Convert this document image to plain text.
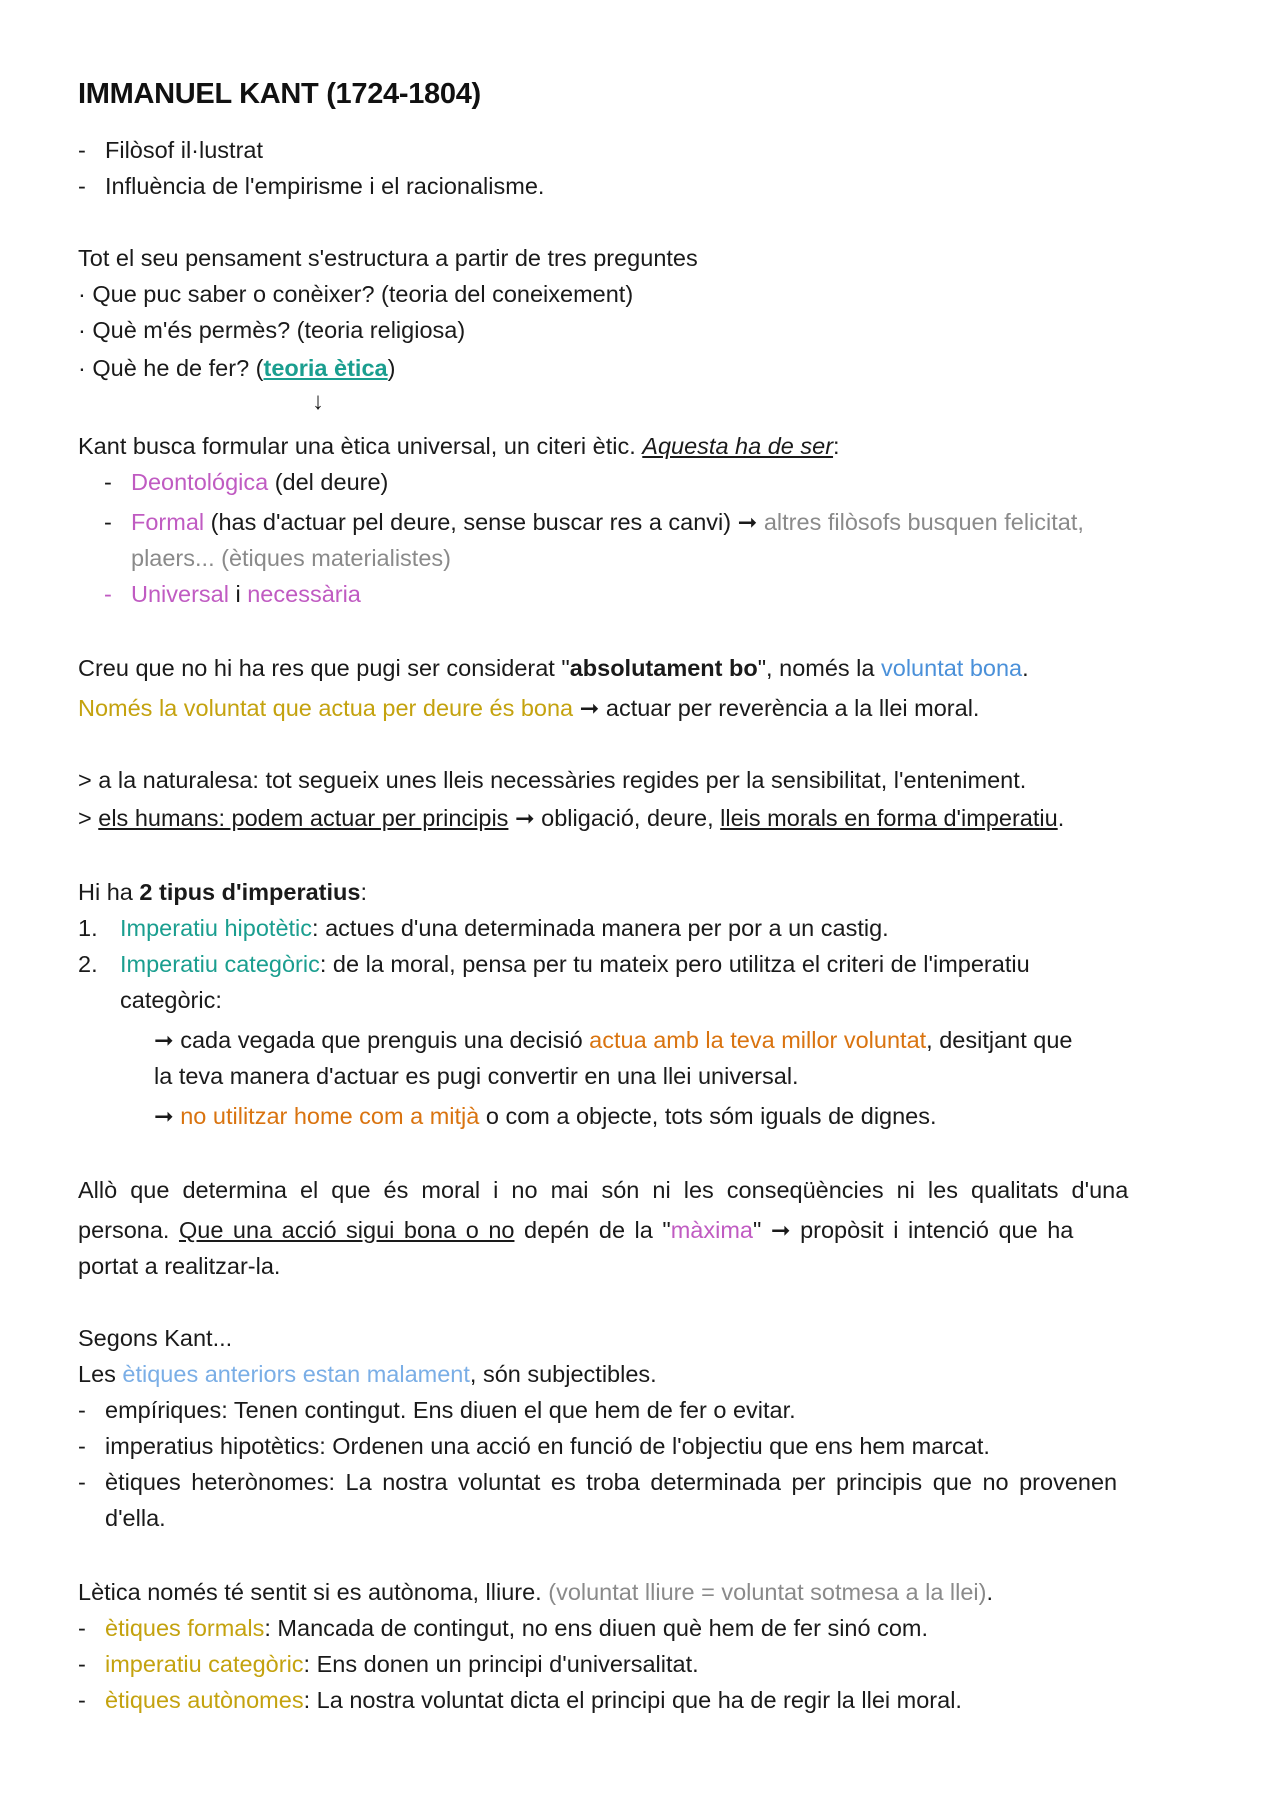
IMMANUEL KANT (1724-1804)
- Filòsof il·lustrat
- Influència de l'empirisme i el racionalisme.
Tot el seu pensament s'estructura a partir de tres preguntes
· Que puc saber o conèixer? (teoria del coneixement)
· Què m'és permès? (teoria religiosa)
· Què he de fer? (teoria ètica)
↓
Kant busca formular una ètica universal, un citeri ètic. Aquesta ha de ser:
- Deontológica (del deure)
- Formal (has d'actuar pel deure, sense buscar res a canvi) ➞ altres filòsofs busquen felicitat,
plaers... (ètiques materialistes)
- Universal i necessària
Creu que no hi ha res que pugi ser considerat "absolutament bo", només la voluntat bona.
Només la voluntat que actua per deure és bona ➞ actuar per reverència a la llei moral.
> a la naturalesa: tot segueix unes lleis necessàries regides per la sensibilitat, l'enteniment.
> els humans: podem actuar per principis ➞ obligació, deure, lleis morals en forma d'imperatiu.
Hi ha 2 tipus d'imperatius:
1. Imperatiu hipotètic: actues d'una determinada manera per por a un castig.
2. Imperatiu categòric: de la moral, pensa per tu mateix pero utilitza el criteri de l'imperatiu
categòric:
➞ cada vegada que prenguis una decisió actua amb la teva millor voluntat, desitjant que
la teva manera d'actuar es pugi convertir en una llei universal.
➞ no utilitzar home com a mitjà o com a objecte, tots sóm iguals de dignes.
Allò que determina el que és moral i no mai són ni les conseqüències ni les qualitats d'una
persona. Que una acció sigui bona o no depén de la "màxima" ➞ propòsit i intenció que ha
portat a realitzar-la.
Segons Kant...
Les ètiques anteriors estan malament, són subjectibles.
- empíriques: Tenen contingut. Ens diuen el que hem de fer o evitar.
- imperatius hipotètics: Ordenen una acció en funció de l'objectiu que ens hem marcat.
- ètiques heterònomes: La nostra voluntat es troba determinada per principis que no provenen
d'ella.
Lètica només té sentit si es autònoma, lliure. (voluntat lliure = voluntat sotmesa a la llei).
- ètiques formals: Mancada de contingut, no ens diuen què hem de fer sinó com.
- imperatiu categòric: Ens donen un principi d'universalitat.
- ètiques autònomes: La nostra voluntat dicta el principi que ha de regir la llei moral.
